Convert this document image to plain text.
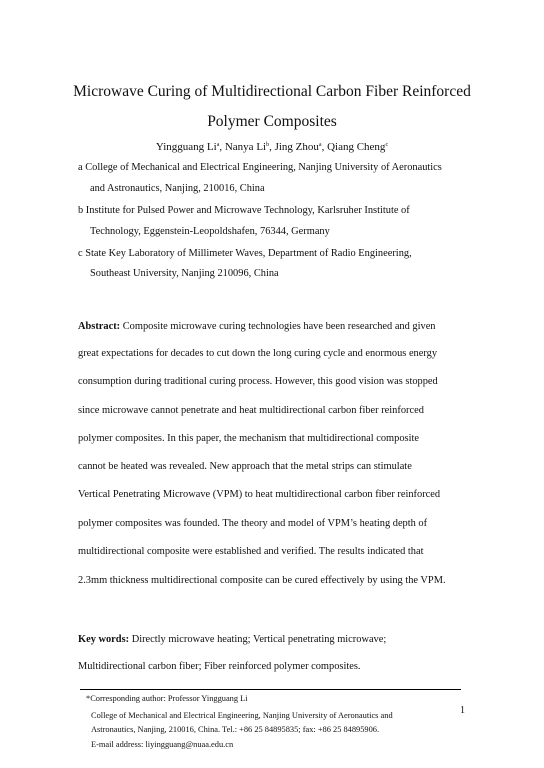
Microwave Curing of Multidirectional Carbon Fiber Reinforced
Polymer Composites
Yingguang Li$^a$, Nanya Li$^b$, Jing Zhou$^a$, Qiang Cheng$^c$
a College of Mechanical and Electrical Engineering, Nanjing University of Aeronautics
and Astronautics, Nanjing, 210016, China
b Institute for Pulsed Power and Microwave Technology, Karlsruher Institute of
Technology, Eggenstein-Leopoldshafen, 76344, Germany
c State Key Laboratory of Millimeter Waves, Department of Radio Engineering,
Southeast University, Nanjing 210096, China
Abstract: Composite microwave curing technologies have been researched and given
great expectations for decades to cut down the long curing cycle and enormous energy
consumption during traditional curing process. However, this good vision was stopped
since microwave cannot penetrate and heat multidirectional carbon fiber reinforced
polymer composites. In this paper, the mechanism that multidirectional composite
cannot be heated was revealed. New approach that the metal strips can stimulate
Vertical Penetrating Microwave (VPM) to heat multidirectional carbon fiber reinforced
polymer composites was founded. The theory and model of VPM’s heating depth of
multidirectional composite were established and verified. The results indicated that
2.3mm thickness multidirectional composite can be cured effectively by using the VPM.
Key words: Directly microwave heating; Vertical penetrating microwave;
Multidirectional carbon fiber; Fiber reinforced polymer composites.
*Corresponding author: Professor Yingguang Li
College of Mechanical and Electrical Engineering, Nanjing University of Aeronautics and
Astronautics, Nanjing, 210016, China. Tel.: +86 25 84895835; fax: +86 25 84895906.
E-mail address: liyingguang@nuaa.edu.cn
1
